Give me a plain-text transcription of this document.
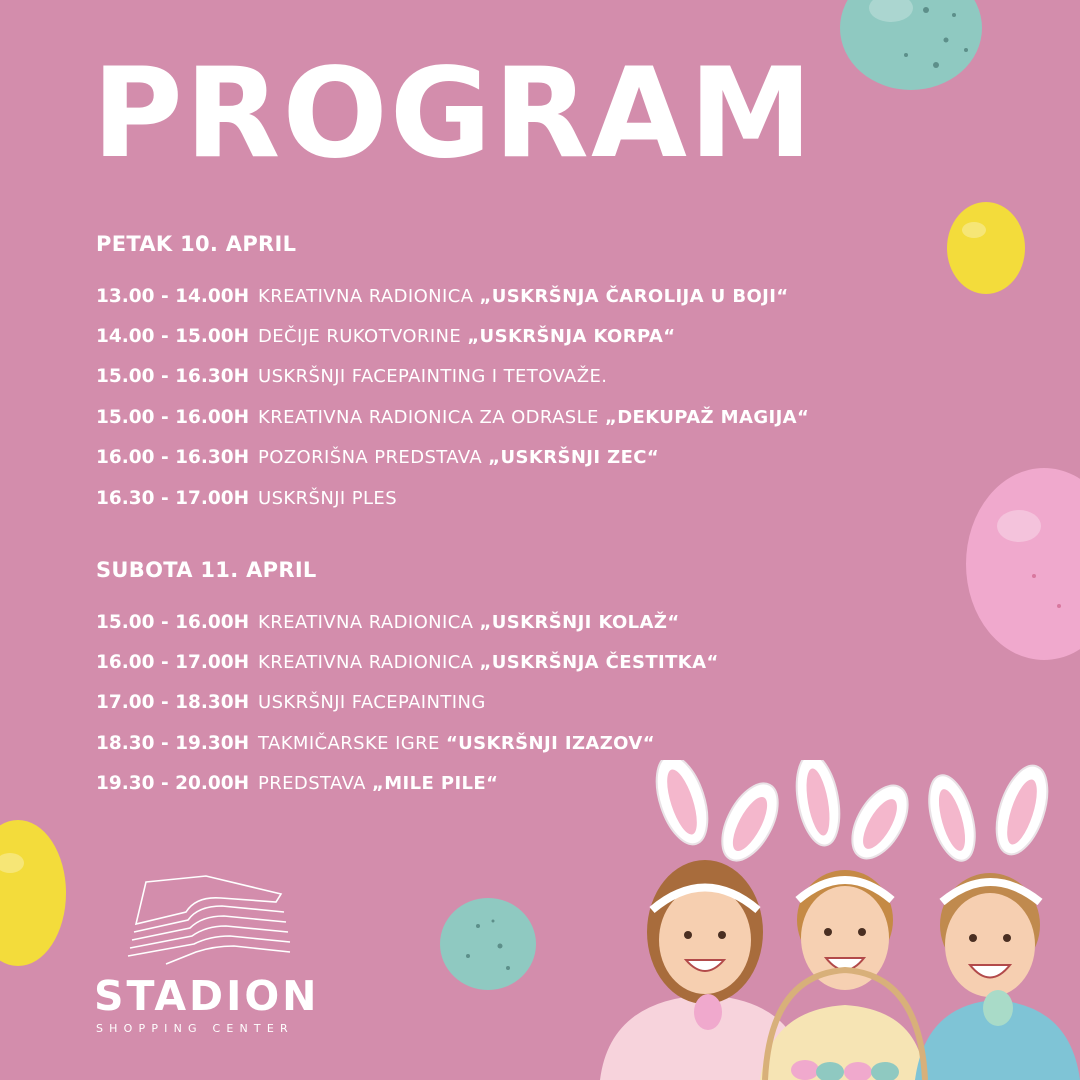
PROGRAM
PETAK 10. APRIL
13.00 - 14.00H KREATIVNA RADIONICA „USKRŠNJA ČAROLIJA U BOJI“
14.00 - 15.00H DEČIJE RUKOTVORINE „USKRŠNJA KORPA“
15.00 - 16.30H USKRŠNJI FACEPAINTING I TETOVAŽE.
15.00 - 16.00H KREATIVNA RADIONICA ZA ODRASLE „DEKUPAŽ MAGIJA“
16.00 - 16.30H POZORIŠNA PREDSTAVA „USKRŠNJI ZEC“
16.30 - 17.00H USKRŠNJI PLES
SUBOTA 11. APRIL
15.00 - 16.00H KREATIVNA RADIONICA „USKRŠNJI KOLAŽ“
16.00 - 17.00H KREATIVNA RADIONICA „USKRŠNJA ČESTITKA“
17.00 - 18.30H USKRŠNJI FACEPAINTING
18.30 - 19.30H TAKMIČARSKE IGRE “USKRŠNJI IZAZOV“
19.30 - 20.00H PREDSTAVA „MILE PILE“

STADION

SHOPPING CENTER
